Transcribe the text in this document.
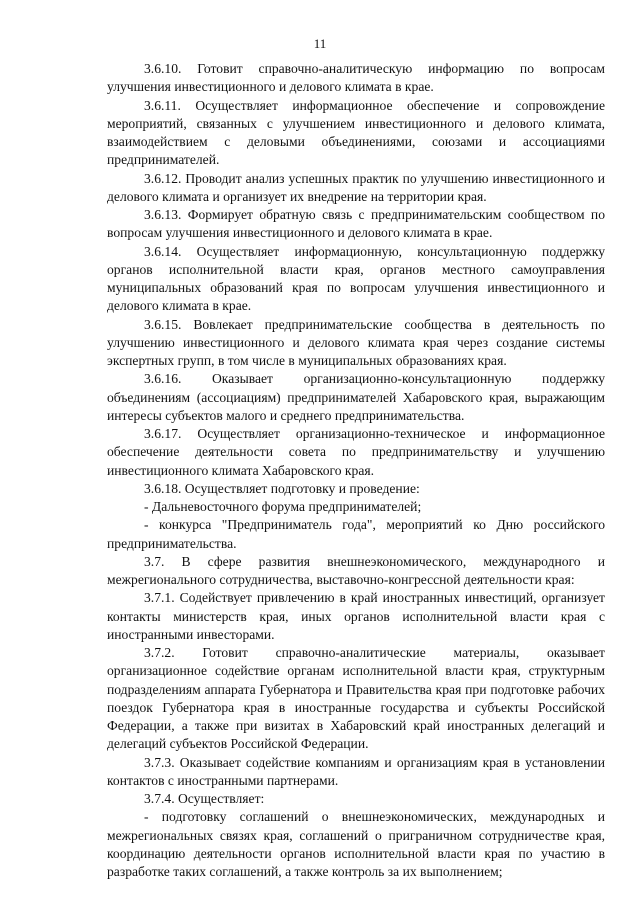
11

3.6.10. Готовит справочно-аналитическую информацию по вопросам улучшения инвестиционного и делового климата в крае.

3.6.11. Осуществляет информационное обеспечение и сопровождение мероприятий, связанных с улучшением инвестиционного и делового климата, взаимодействием с деловыми объединениями, союзами и ассоциациями предпринимателей.

3.6.12. Проводит анализ успешных практик по улучшению инвестиционного и делового климата и организует их внедрение на территории края.

3.6.13. Формирует обратную связь с предпринимательским сообществом по вопросам улучшения инвестиционного и делового климата в крае.

3.6.14. Осуществляет информационную, консультационную поддержку органов исполнительной власти края, органов местного самоуправления муниципальных образований края по вопросам улучшения инвестиционного и делового климата в крае.

3.6.15. Вовлекает предпринимательские сообщества в деятельность по улучшению инвестиционного и делового климата края через создание системы экспертных групп, в том числе в муниципальных образованиях края.

3.6.16. Оказывает организационно-консультационную поддержку объединениям (ассоциациям) предпринимателей Хабаровского края, выражающим интересы субъектов малого и среднего предпринимательства.

3.6.17. Осуществляет организационно-техническое и информационное обеспечение деятельности совета по предпринимательству и улучшению инвестиционного климата Хабаровского края.

3.6.18. Осуществляет подготовку и проведение:

- Дальневосточного форума предпринимателей;

- конкурса "Предприниматель года", мероприятий ко Дню российского предпринимательства.

3.7. В сфере развития внешнеэкономического, международного и межрегионального сотрудничества, выставочно-конгрессной деятельности края:

3.7.1. Содействует привлечению в край иностранных инвестиций, организует контакты министерств края, иных органов исполнительной власти края с иностранными инвесторами.

3.7.2. Готовит справочно-аналитические материалы, оказывает организационное содействие органам исполнительной власти края, структурным подразделениям аппарата Губернатора и Правительства края при подготовке рабочих поездок Губернатора края в иностранные государства и субъекты Российской Федерации, а также при визитах в Хабаровский край иностранных делегаций и делегаций субъектов Российской Федерации.

3.7.3. Оказывает содействие компаниям и организациям края в установлении контактов с иностранными партнерами.

3.7.4. Осуществляет:

- подготовку соглашений о внешнеэкономических, международных и межрегиональных связях края, соглашений о приграничном сотрудничестве края, координацию деятельности органов исполнительной власти края по участию в разработке таких соглашений, а также контроль за их выполнением;
